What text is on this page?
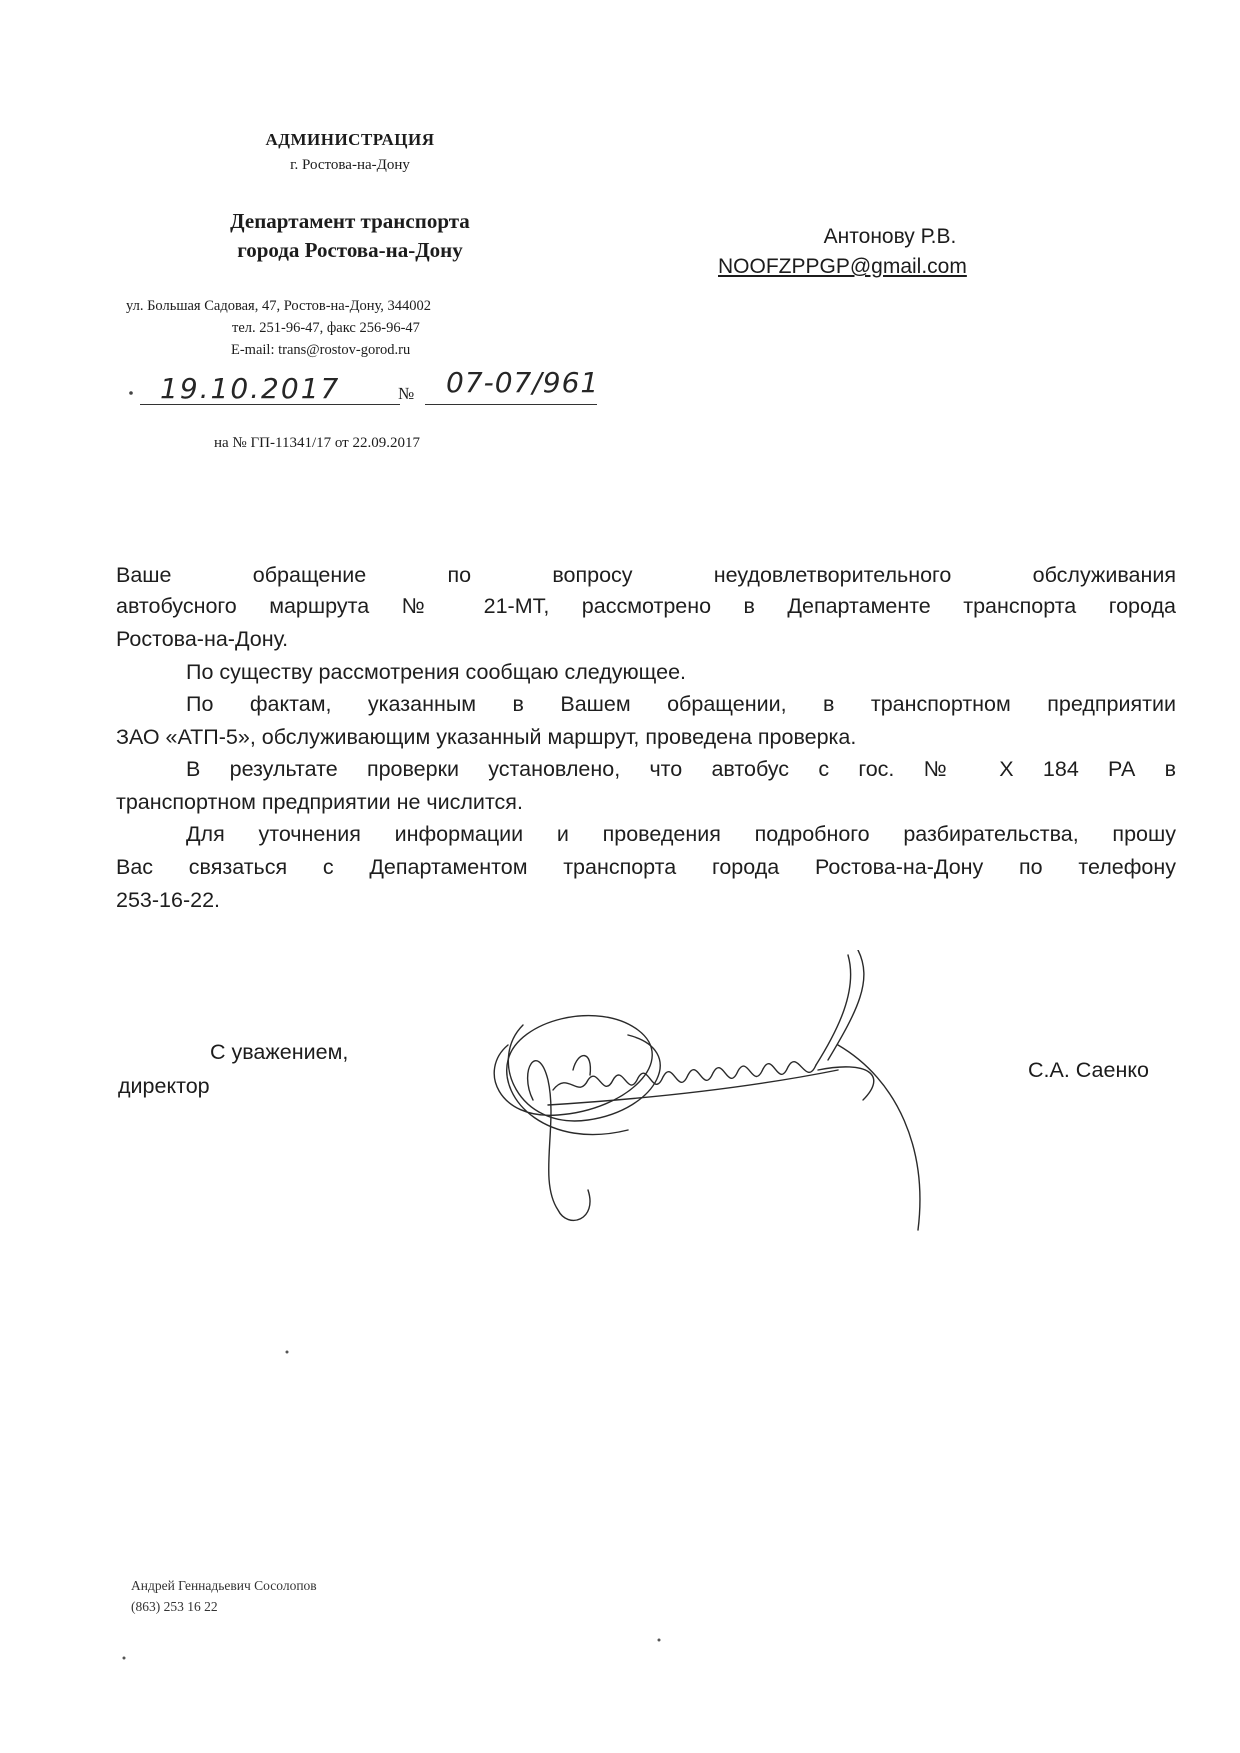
АДМИНИСТРАЦИЯ
г. Ростова-на-Дону
Департамент транспорта
города Ростова-на-Дону
ул. Большая Садовая, 47, Ростов-на-Дону, 344002
тел. 251-96-47, факс 256-96-47
E-mail: trans@rostov-gorod.ru
19.10.2017	№ 07-07/961
на № ГП-11341/17 от 22.09.2017
Антонову Р.В.
NOOFZPPGP@gmail.com
Ваше обращение по вопросу неудовлетворительного обслуживания
автобусного маршрута № 21-МТ, рассмотрено в Департаменте транспорта города
Ростова-на-Дону.
По существу рассмотрения сообщаю следующее.
По фактам, указанным в Вашем обращении, в транспортном предприятии
ЗАО «АТП-5», обслуживающим указанный маршрут, проведена проверка.
В результате проверки установлено, что автобус с гос. № Х 184 РА в
транспортном предприятии не числится.
Для уточнения информации и проведения подробного разбирательства, прошу
Вас связаться с Департаментом транспорта города Ростова-на-Дону по телефону
253-16-22.
С уважением,
директор
С.А. Саенко
Андрей Геннадьевич Сосолопов
(863) 253 16 22
